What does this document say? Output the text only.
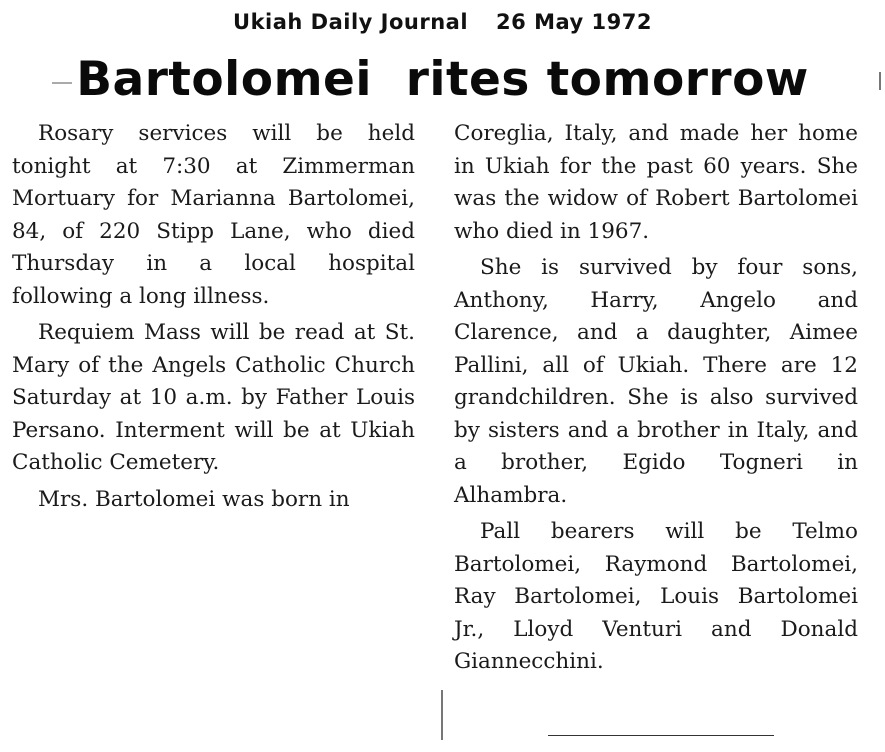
Ukiah Daily Journal 26 May 1972
Bartolomei  rites tomorrow

Rosary services will be held tonight at 7:30 at Zimmerman Mortuary for Marianna Bartolomei, 84, of 220 Stipp Lane, who died Thursday in a local hospital following a long illness.

Requiem Mass will be read at St. Mary of the Angels Catholic Church Saturday at 10 a.m. by Father Louis Persano. Interment will be at Ukiah Catholic Cemetery.

Mrs. Bartolomei was born in

Coreglia, Italy, and made her home in Ukiah for the past 60 years. She was the widow of Robert Bartolomei who died in 1967.

She is survived by four sons, Anthony, Harry, Angelo and Clarence, and a daughter, Aimee Pallini, all of Ukiah. There are 12 grandchildren. She is also survived by sisters and a brother in Italy, and a brother, Egido Togneri in Alhambra.

Pall bearers will be Telmo Bartolomei, Raymond Bartolomei, Ray Bartolomei, Louis Bartolomei Jr., Lloyd Venturi and Donald Giannecchini.
